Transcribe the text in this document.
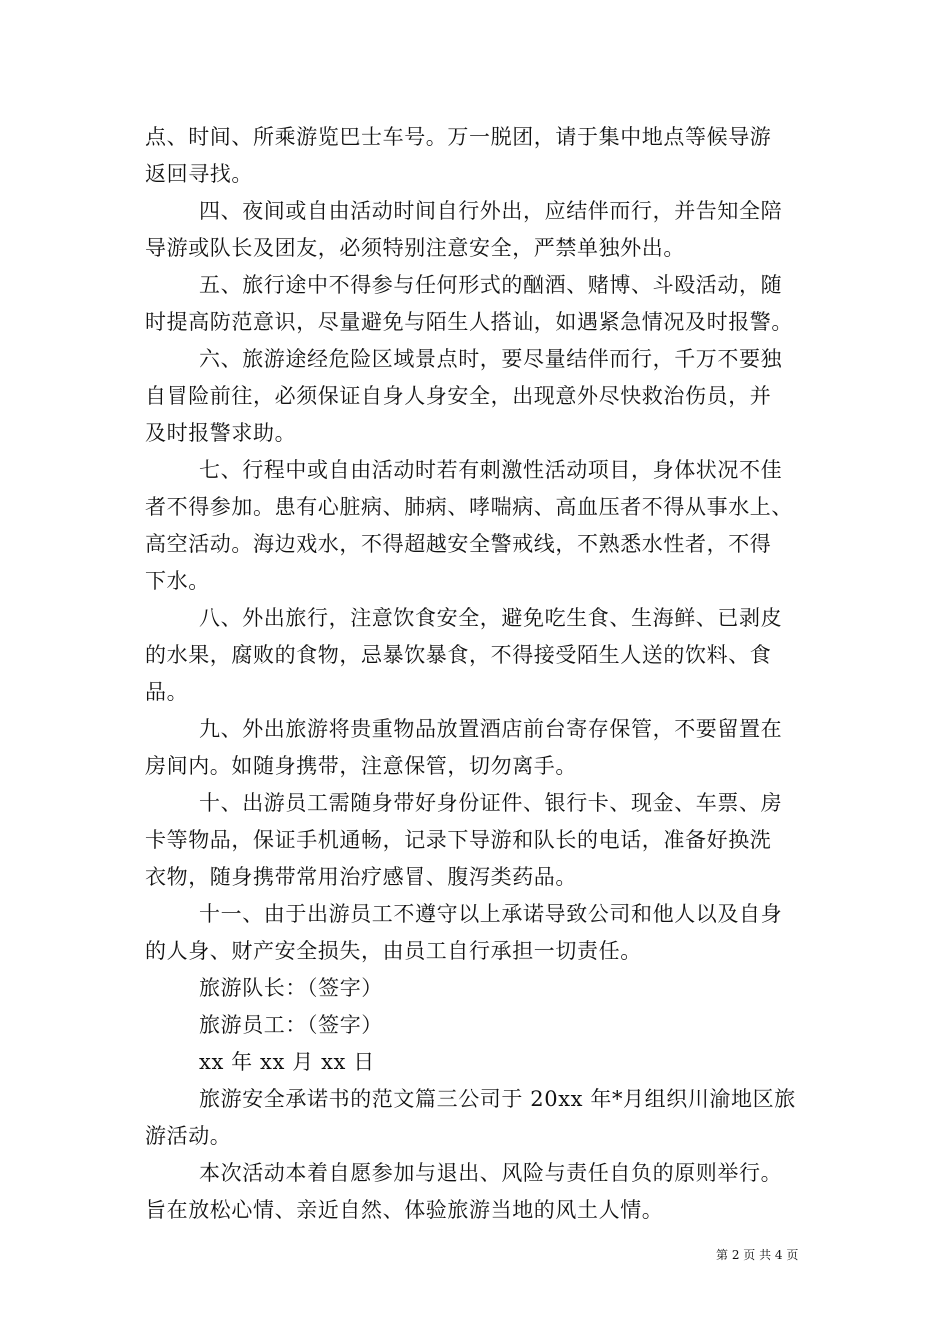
点、时间、所乘游览巴士车号。万一脱团，请于集中地点等候导游
返回寻找。
四、夜间或自由活动时间自行外出，应结伴而行，并告知全陪
导游或队长及团友，必须特别注意安全，严禁单独外出。
五、旅行途中不得参与任何形式的酗酒、赌博、斗殴活动，随
时提高防范意识，尽量避免与陌生人搭讪，如遇紧急情况及时报警。
六、旅游途经危险区域景点时，要尽量结伴而行，千万不要独
自冒险前往，必须保证自身人身安全，出现意外尽快救治伤员，并
及时报警求助。
七、行程中或自由活动时若有刺激性活动项目，身体状况不佳
者不得参加。患有心脏病、肺病、哮喘病、高血压者不得从事水上、
高空活动。海边戏水，不得超越安全警戒线，不熟悉水性者，不得
下水。
八、外出旅行，注意饮食安全，避免吃生食、生海鲜、已剥皮
的水果，腐败的食物，忌暴饮暴食，不得接受陌生人送的饮料、食
品。
九、外出旅游将贵重物品放置酒店前台寄存保管，不要留置在
房间内。如随身携带，注意保管，切勿离手。
十、出游员工需随身带好身份证件、银行卡、现金、车票、房
卡等物品，保证手机通畅，记录下导游和队长的电话，准备好换洗
衣物，随身携带常用治疗感冒、腹泻类药品。
十一、由于出游员工不遵守以上承诺导致公司和他人以及自身
的人身、财产安全损失，由员工自行承担一切责任。
旅游队长：（签字）
旅游员工：（签字）
xx 年 xx 月 xx 日
旅游安全承诺书的范文篇三公司于 20xx 年*月组织川渝地区旅
游活动。
本次活动本着自愿参加与退出、风险与责任自负的原则举行。
旨在放松心情、亲近自然、体验旅游当地的风土人情。
第 2 页 共 4 页
